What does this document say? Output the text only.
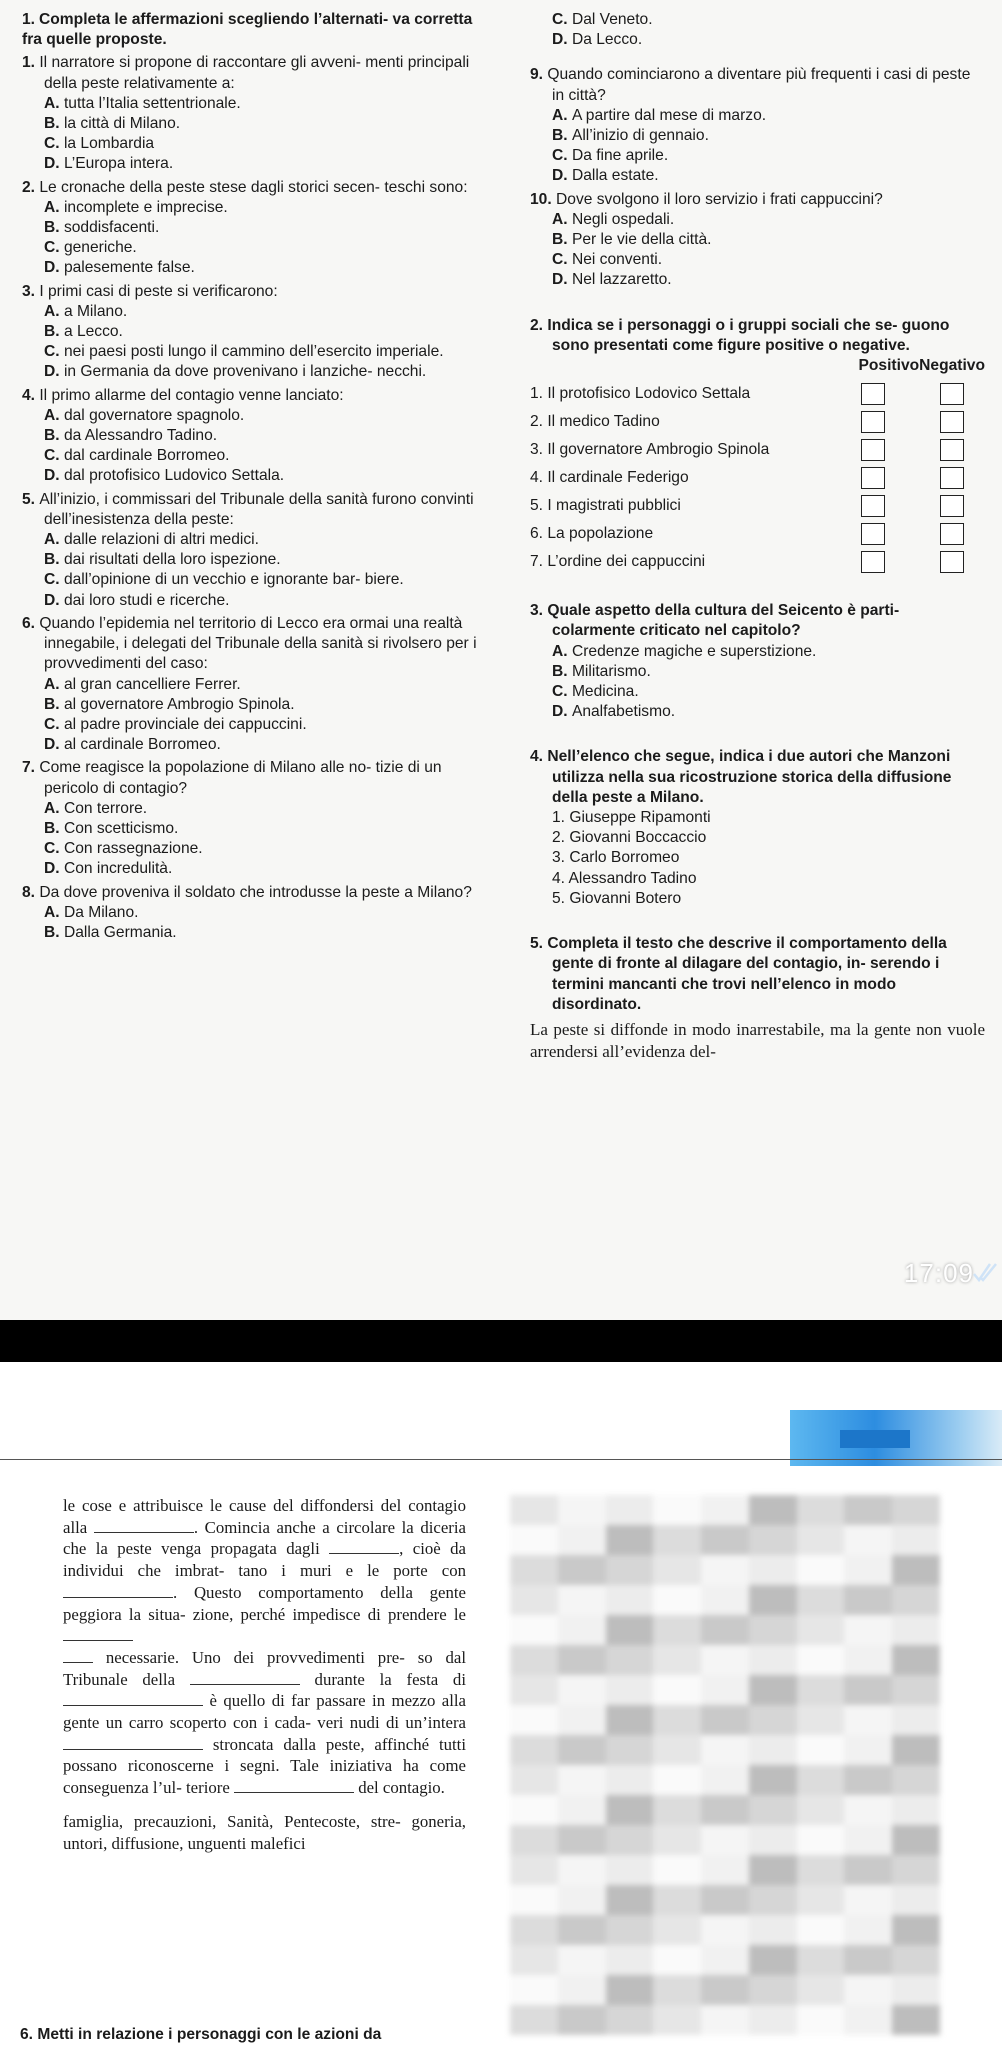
1. Completa le affermazioni scegliendo l’alternati- va corretta fra quelle proposte.
1. Il narratore si propone di raccontare gli avveni- menti principali della peste relativamente a:
A. tutta l’Italia settentrionale.
B. la città di Milano.
C. la Lombardia
D. L’Europa intera.
2. Le cronache della peste stese dagli storici secen- teschi sono:
A. incomplete e imprecise.
B. soddisfacenti.
C. generiche.
D. palesemente false.
3. I primi casi di peste si verificarono:
A. a Milano.
B. a Lecco.
C. nei paesi posti lungo il cammino dell’esercito imperiale.
D. in Germania da dove provenivano i lanziche- necchi.
4. Il primo allarme del contagio venne lanciato:
A. dal governatore spagnolo.
B. da Alessandro Tadino.
C. dal cardinale Borromeo.
D. dal protofisico Ludovico Settala.
5. All’inizio, i commissari del Tribunale della sanità furono convinti dell’inesistenza della peste:
A. dalle relazioni di altri medici.
B. dai risultati della loro ispezione.
C. dall’opinione di un vecchio e ignorante bar- biere.
D. dai loro studi e ricerche.
6. Quando l’epidemia nel territorio di Lecco era ormai una realtà innegabile, i delegati del Tribunale della sanità si rivolsero per i provvedimenti del caso:
A. al gran cancelliere Ferrer.
B. al governatore Ambrogio Spinola.
C. al padre provinciale dei cappuccini.
D. al cardinale Borromeo.
7. Come reagisce la popolazione di Milano alle no- tizie di un pericolo di contagio?
A. Con terrore.
B. Con scetticismo.
C. Con rassegnazione.
D. Con incredulità.
8. Da dove proveniva il soldato che introdusse la peste a Milano?
A. Da Milano.
B. Dalla Germania.
C. Dal Veneto.
D. Da Lecco.
9. Quando cominciarono a diventare più frequenti i casi di peste in città?
A. A partire dal mese di marzo.
B. All’inizio di gennaio.
C. Da fine aprile.
D. Dalla estate.
10. Dove svolgono il loro servizio i frati cappuccini?
A. Negli ospedali.
B. Per le vie della città.
C. Nei conventi.
D. Nel lazzaretto.
2. Indica se i personaggi o i gruppi sociali che se- guono sono presentati come figure positive o negative.
	Positivo	Negativo
1. Il protofisico Lodovico Settala		
2. Il medico Tadino		
3. Il governatore Ambrogio Spinola		
4. Il cardinale Federigo		
5. I magistrati pubblici		
6. La popolazione		
7. L’ordine dei cappuccini		
3. Quale aspetto della cultura del Seicento è parti- colarmente criticato nel capitolo?
A. Credenze magiche e superstizione.
B. Militarismo.
C. Medicina.
D. Analfabetismo.
4. Nell’elenco che segue, indica i due autori che Manzoni utilizza nella sua ricostruzione storica della diffusione della peste a Milano.
1. Giuseppe Ripamonti
2. Giovanni Boccaccio
3. Carlo Borromeo
4. Alessandro Tadino
5. Giovanni Botero
5. Completa il testo che descrive il comportamento della gente di fronte al dilagare del contagio, in- serendo i termini mancanti che trovi nell’elenco in modo disordinato.
La peste si diffonde in modo inarrestabile, ma la gente non vuole arrendersi all’evidenza del-
17:09
le cose e attribuisce le cause del diffondersi del contagio alla	. Comincia anche a circolare la diceria che la peste venga propagata dagli	, cioè da individui che imbrat- tano i muri e le porte con . Questo comportamento della gente peggiora la situa- zione, perché impedisce di prendere le
necessarie. Uno dei provvedimenti pre- so dal Tribunale della	durante la festa di  è quello di far passare in mezzo alla gente un carro scoperto con i cada- veri nudi di un’intera  stroncata dalla peste, affinché tutti possano riconoscerne i segni. Tale iniziativa ha come conseguenza l’ul- teriore	del contagio.
famiglia, precauzioni, Sanità, Pentecoste, stre- goneria, untori, diffusione, unguenti malefici
6. Metti in relazione i personaggi con le azioni da
